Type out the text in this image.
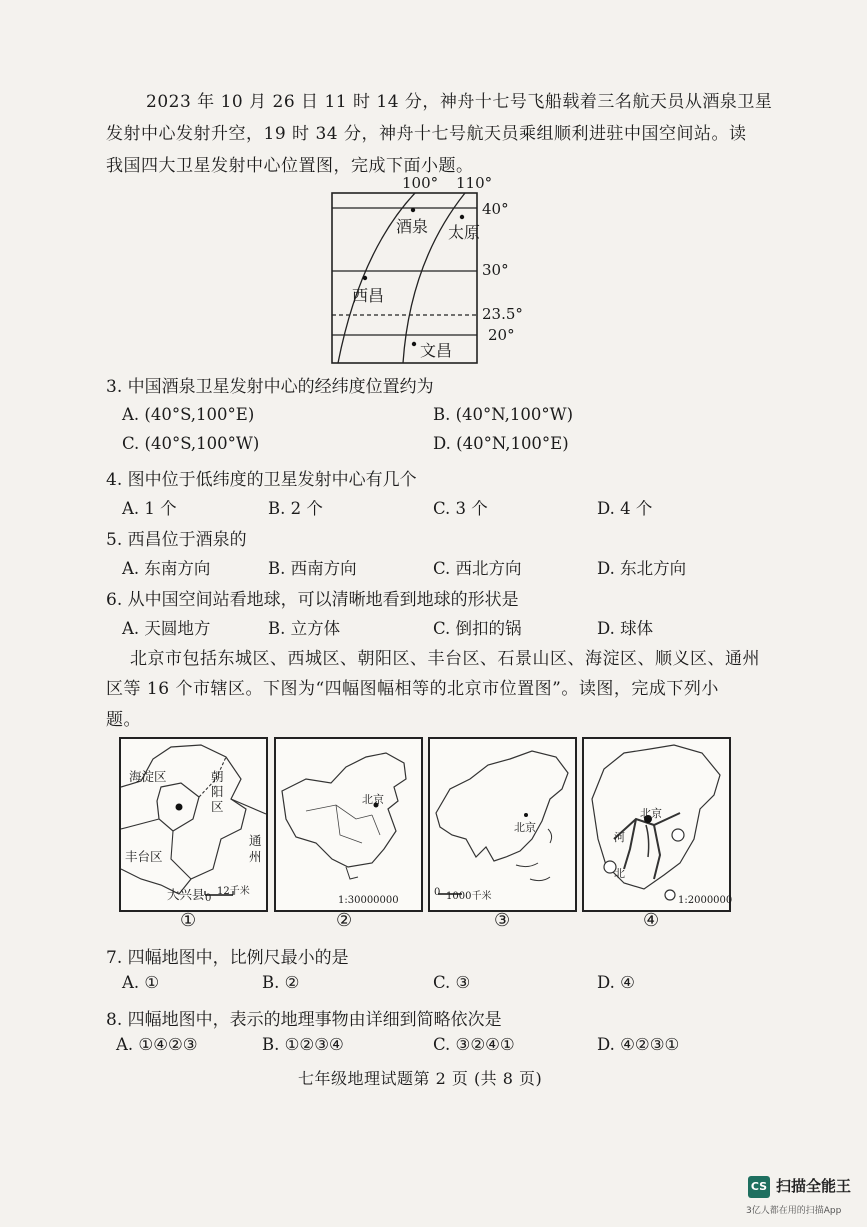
2023 年 10 月 26 日 11 时 14 分，神舟十七号飞船载着三名航天员从酒泉卫星
发射中心发射升空，19 时 34 分，神舟十七号航天员乘组顺利进驻中国空间站。读
我国四大卫星发射中心位置图，完成下面小题。
100° 110°
40°
30°
23.5°
20°
酒泉 太原
西昌
文昌
3. 中国酒泉卫星发射中心的经纬度位置约为
A. (40°S,100°E)	B. (40°N,100°W)
C. (40°S,100°W)	D. (40°N,100°E)
4. 图中位于低纬度的卫星发射中心有几个
A. 1 个	B. 2 个	C. 3 个	D. 4 个
5. 西昌位于酒泉的
A. 东南方向	B. 西南方向	C. 西北方向	D. 东北方向
6. 从中国空间站看地球，可以清晰地看到地球的形状是
A. 天圆地方	B. 立方体	C. 倒扣的锅	D. 球体
北京市包括东城区、西城区、朝阳区、丰台区、石景山区、海淀区、顺义区、通州
区等 16 个市辖区。下图为“四幅图幅相等的北京市位置图”。读图，完成下列小
题。
海淀区	朝阳区
丰台区
通
州
大兴县 0
12千米
①
北京
1:30000000
②
北京
0 1000千米
③
北京
河
北
1:2000000
④
7. 四幅地图中，比例尺最小的是
A. ①	B. ②	C. ③	D. ④
8. 四幅地图中，表示的地理事物由详细到简略依次是
A. ①④②③	B. ①②③④	C. ③②④①	D. ④②③①
七年级地理试题第 2 页 (共 8 页)
CS 扫描全能王
3亿人都在用的扫描App
